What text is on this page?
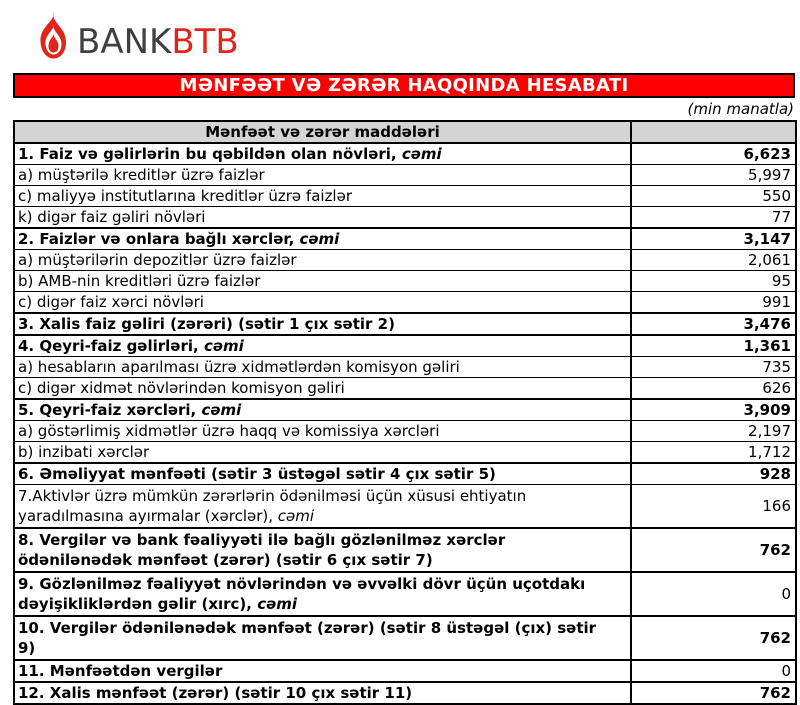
BANKBTB
MƏNFƏƏT VƏ ZƏRƏR HAQQINDA HESABATI
(min manatla)
Mənfəət və zərər maddələri	
1. Faiz və gəlirlərin bu qəbildən olan növləri, cəmi	6,623
a) müştərilə kreditlər üzrə faizlər	5,997
c) maliyyə institutlarına kreditlər üzrə faizlər	550
k) digər faiz gəliri növləri	77
2. Faizlər və onlara bağlı xərclər, cəmi	3,147
a) müştərilərin depozitlər üzrə faizlər	2,061
b) AMB-nin kreditləri üzrə faizlər	95
c) digər faiz xərci növləri	991
3. Xalis faiz gəliri (zərəri) (sətir 1 çıx sətir 2)	3,476
4. Qeyri-faiz gəlirləri, cəmi	1,361
a) hesabların aparılması üzrə xidmətlərdən komisyon gəliri	735
c) digər xidmət növlərindən komisyon gəliri	626
5. Qeyri-faiz xərcləri, cəmi	3,909
a) göstərlimiş xidmətlər üzrə haqq və komissiya xərcləri	2,197
b) inzibati xərclər	1,712
6. Əməliyyat mənfəəti (sətir 3 üstəgəl sətir 4 çıx sətir 5)	928
7.Aktivlər üzrə mümkün zərərlərin ödənilməsi üçün xüsusi ehtiyatın
yaradılmasına ayırmalar (xərclər), cəmi	166
8. Vergilər və bank fəaliyyəti ilə bağlı gözlənilməz xərclər
ödənilənədək mənfəət (zərər) (sətir 6 çıx sətir 7)	762
9. Gözlənilməz fəaliyyət növlərindən və əvvəlki dövr üçün uçotdakı
dəyişikliklərdən gəlir (xırc), cəmi	0
10. Vergilər ödənilənədək mənfəət (zərər) (sətir 8 üstəgəl (çıx) sətir
9)	762
11. Mənfəətdən vergilər	0
12. Xalis mənfəət (zərər) (sətir 10 çıx sətir 11)	762
